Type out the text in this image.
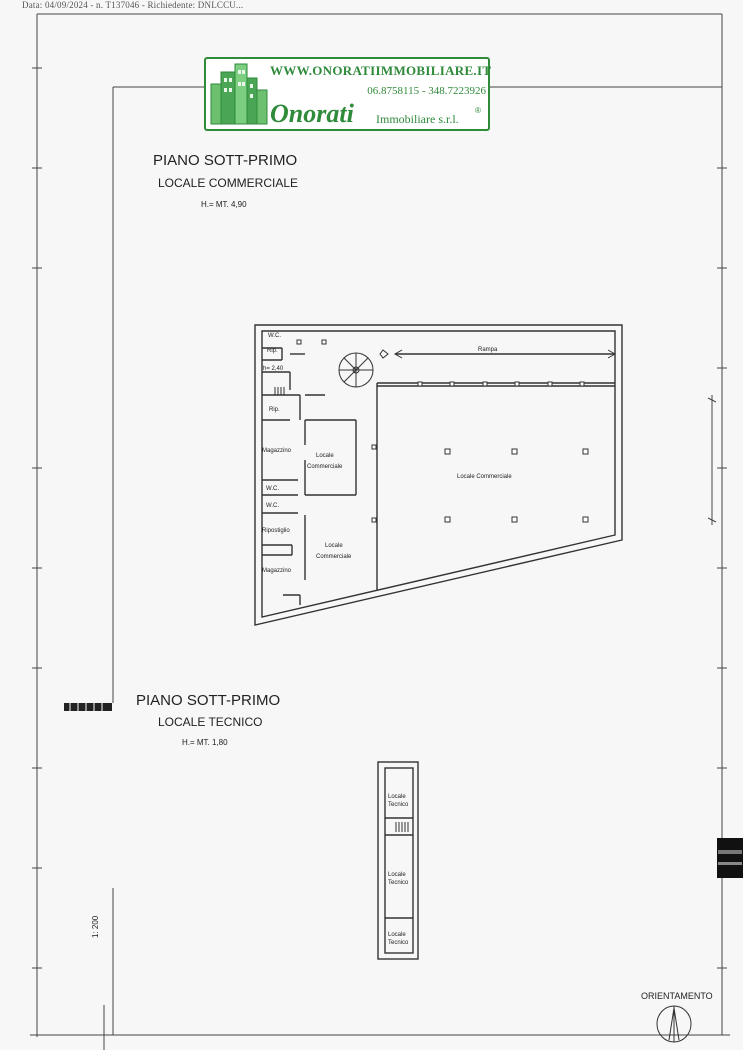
Data: 04/09/2024 - n. T137046 - Richiedente: DNLCCU...
WWW.ONORATIIMMOBILIARE.IT
06.8758115 - 348.7223926
Onorati Immobiliare s.r.l.
®
PIANO SOTT-PRIMO
LOCALE COMMERCIALE
H.= MT. 4,90
W.C.
Rip.
h= 2,40
Rampa
Rip.
Magazzino
Locale
Commerciale
W.C.
W.C.
Ripostiglio
Locale
Commerciale
Magazzino
Locale Commerciale
PIANO SOTT-PRIMO
LOCALE TECNICO
H.= MT. 1,80
Locale
Tecnico
Locale
Tecnico
Locale
Tecnico
1: 200
ORIENTAMENTO
